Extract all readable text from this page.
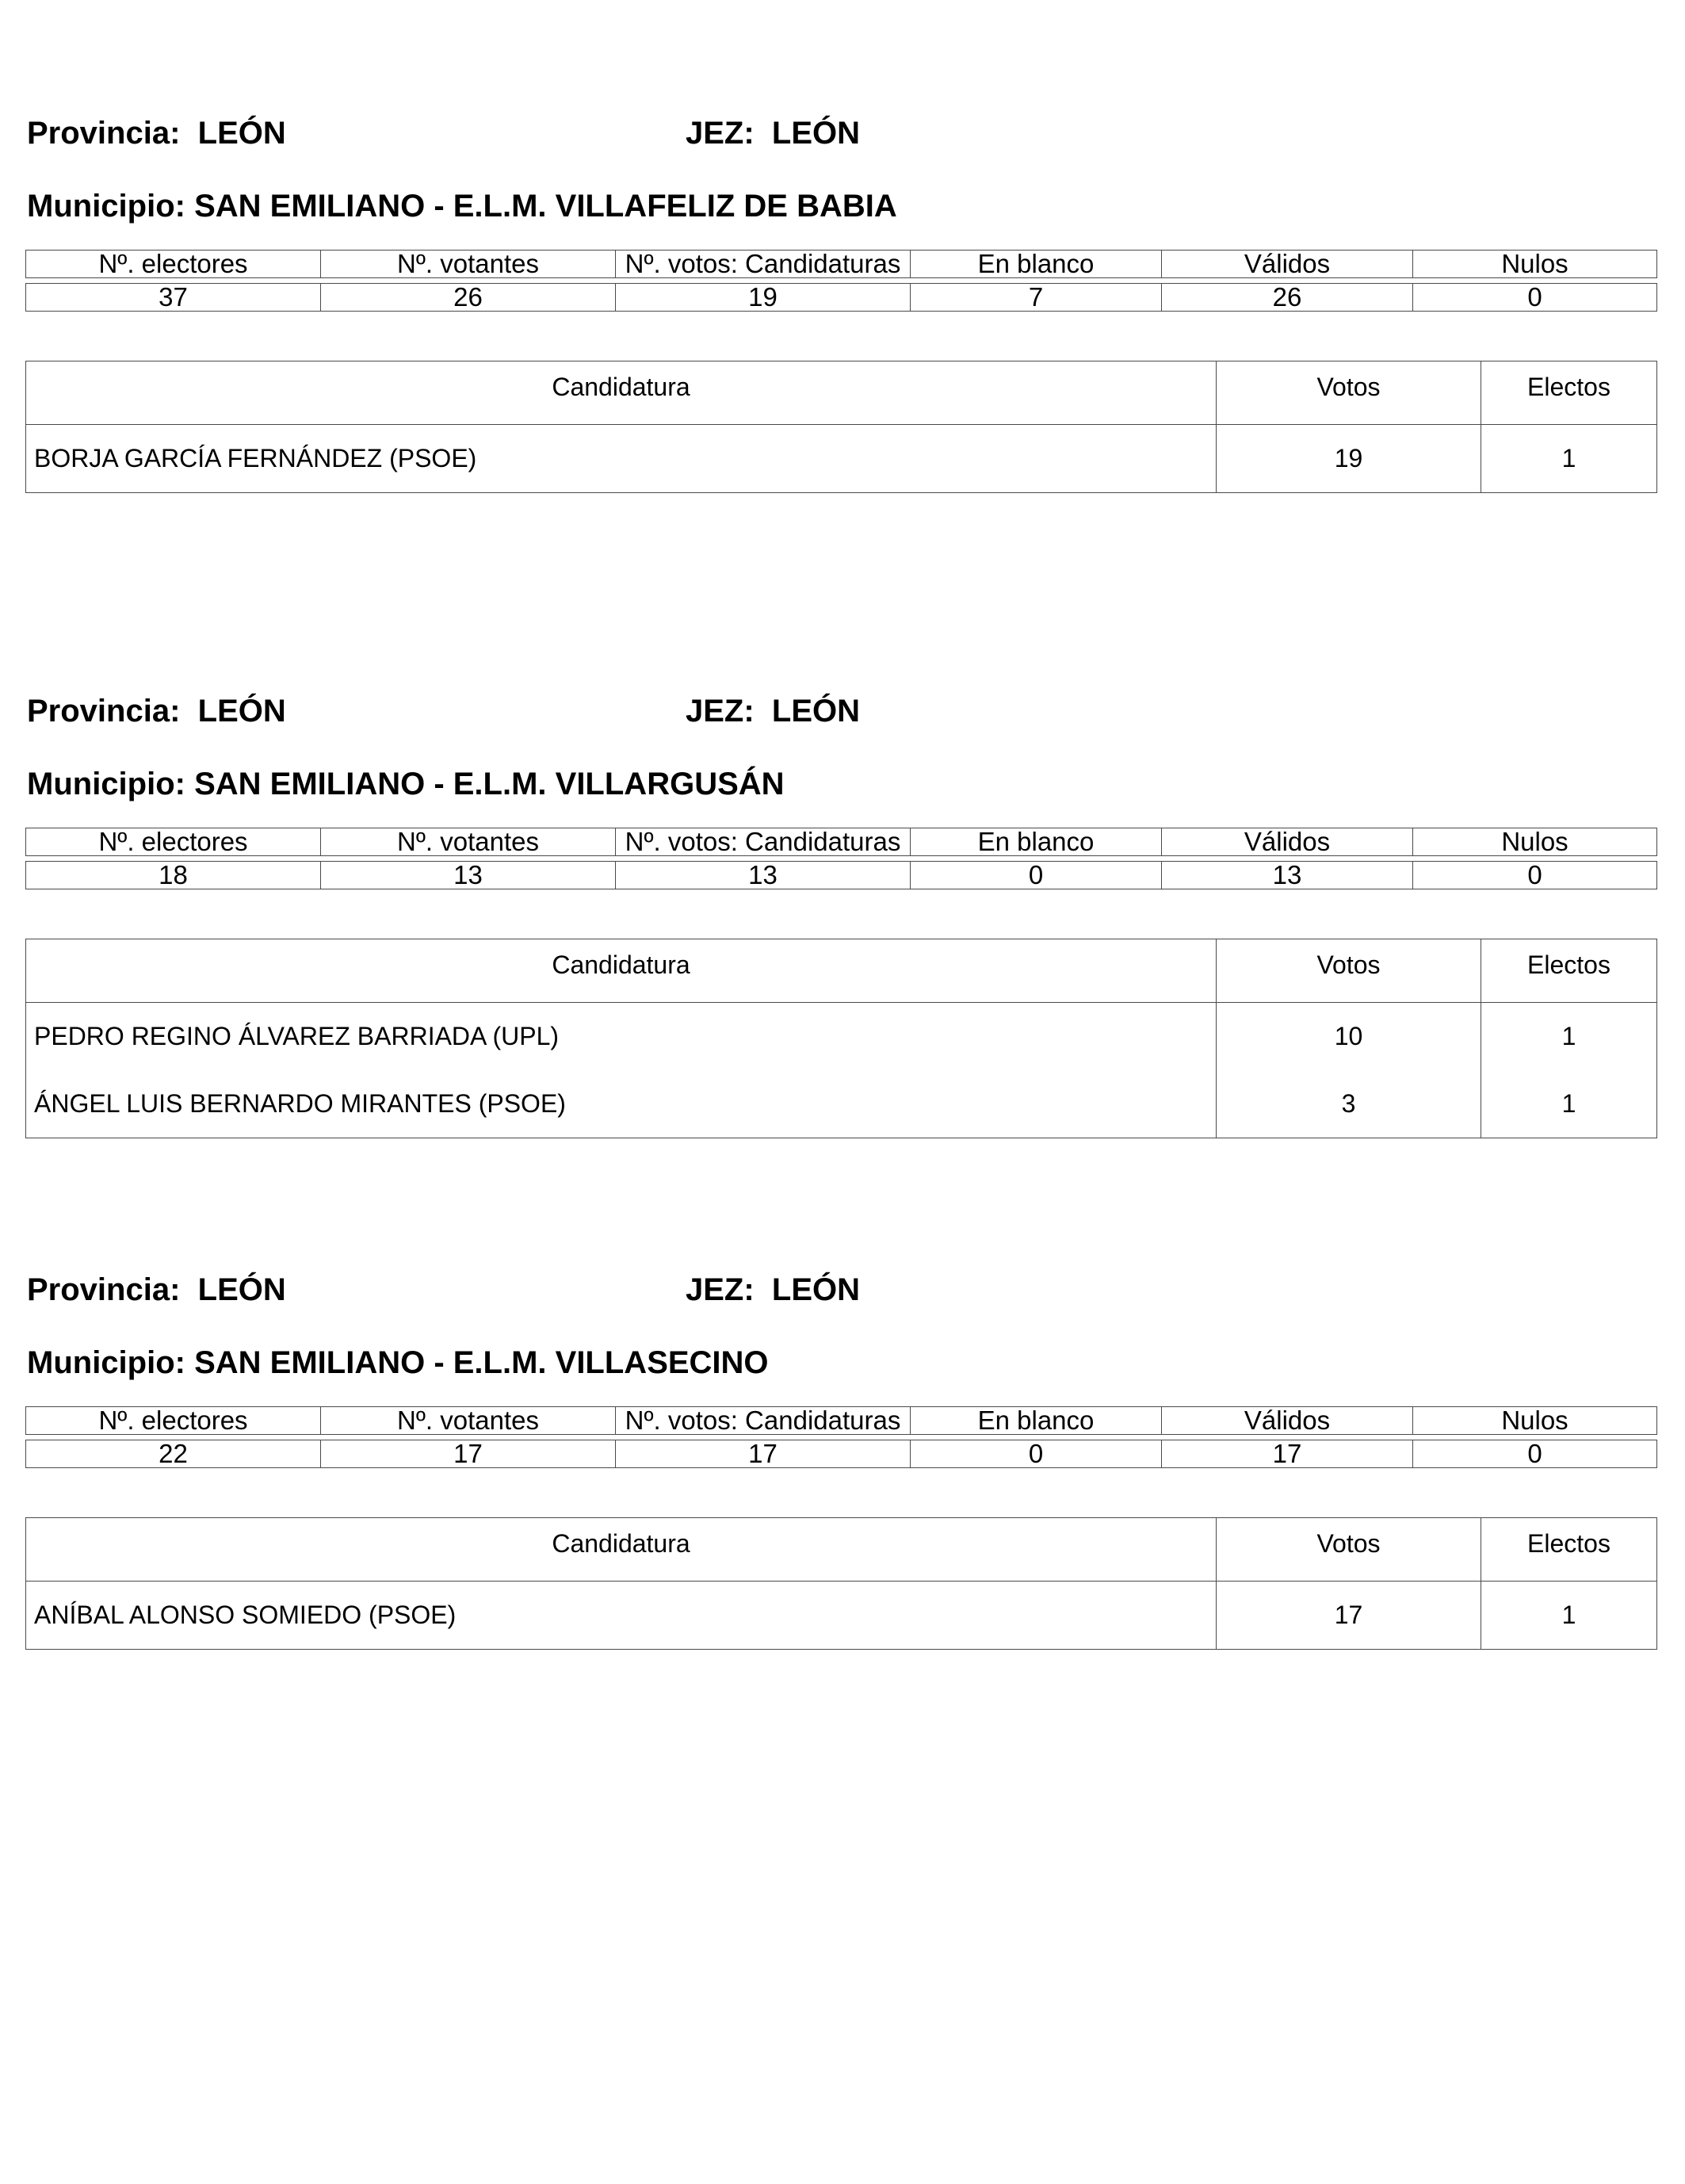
Provincia: LEÓN	JEZ: LEÓN
Municipio: SAN EMILIANO - E.L.M. VILLAFELIZ DE BABIA
Nº. electores	Nº. votantes	Nº. votos: Candidaturas	En blanco	Válidos	Nulos

37	26	19	7	26	0
Candidatura	Votos	Electos
BORJA GARCÍA FERNÁNDEZ (PSOE)	19	1
Provincia: LEÓN	JEZ: LEÓN
Municipio: SAN EMILIANO - E.L.M. VILLARGUSÁN
Nº. electores	Nº. votantes	Nº. votos: Candidaturas	En blanco	Válidos	Nulos

18	13	13	0	13	0
Candidatura	Votos	Electos
PEDRO REGINO ÁLVAREZ BARRIADA (UPL)	10	1
ÁNGEL LUIS BERNARDO MIRANTES (PSOE)	3	1
Provincia: LEÓN	JEZ: LEÓN
Municipio: SAN EMILIANO - E.L.M. VILLASECINO
Nº. electores	Nº. votantes	Nº. votos: Candidaturas	En blanco	Válidos	Nulos

22	17	17	0	17	0
Candidatura	Votos	Electos
ANÍBAL ALONSO SOMIEDO (PSOE)	17	1
